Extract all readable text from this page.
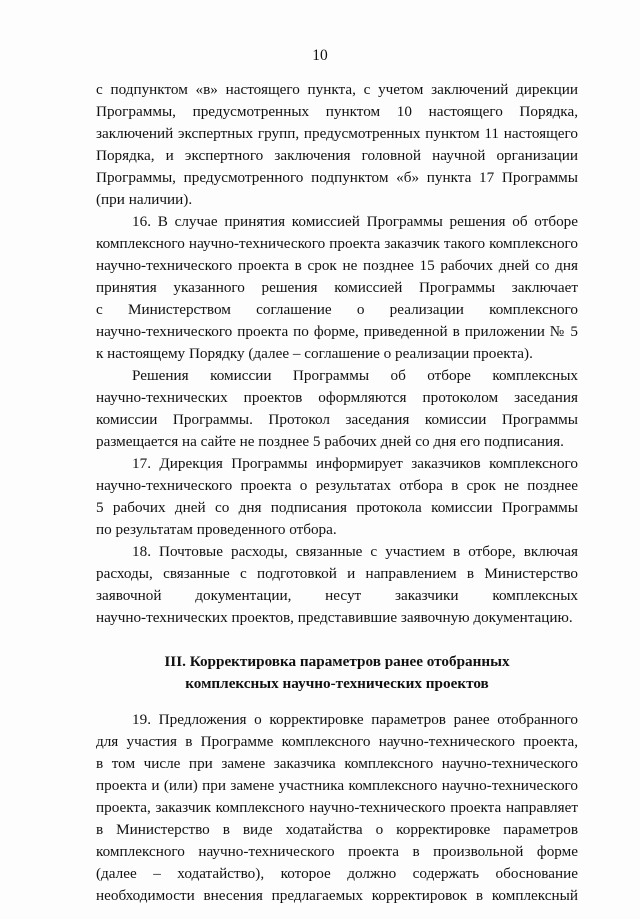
10
с подпунктом «в» настоящего пункта, с учетом заключений дирекции
Программы, предусмотренных пунктом 10 настоящего Порядка,
заключений экспертных групп, предусмотренных пунктом 11 настоящего
Порядка, и экспертного заключения головной научной организации
Программы, предусмотренного подпунктом «б» пункта 17 Программы
(при наличии).
16. В случае принятия комиссией Программы решения об отборе
комплексного научно-технического проекта заказчик такого комплексного
научно-технического проекта в срок не позднее 15 рабочих дней со дня
принятия указанного решения комиссией Программы заключает
с Министерством соглашение о реализации комплексного
научно-технического проекта по форме, приведенной в приложении № 5
к настоящему Порядку (далее – соглашение о реализации проекта).
Решения комиссии Программы об отборе комплексных
научно-технических проектов оформляются протоколом заседания
комиссии Программы. Протокол заседания комиссии Программы
размещается на сайте не позднее 5 рабочих дней со дня его подписания.
17. Дирекция Программы информирует заказчиков комплексного
научно-технического проекта о результатах отбора в срок не позднее
5 рабочих дней со дня подписания протокола комиссии Программы
по результатам проведенного отбора.
18. Почтовые расходы, связанные с участием в отборе, включая
расходы, связанные с подготовкой и направлением в Министерство
заявочной документации, несут заказчики комплексных
научно-технических проектов, представившие заявочную документацию.
III. Корректировка параметров ранее отобранных
комплексных научно-технических проектов
19. Предложения о корректировке параметров ранее отобранного
для участия в Программе комплексного научно-технического проекта,
в том числе при замене заказчика комплексного научно-технического
проекта и (или) при замене участника комплексного научно-технического
проекта, заказчик комплексного научно-технического проекта направляет
в Министерство в виде ходатайства о корректировке параметров
комплексного научно-технического проекта в произвольной форме
(далее – ходатайство), которое должно содержать обоснование
необходимости внесения предлагаемых корректировок в комплексный
